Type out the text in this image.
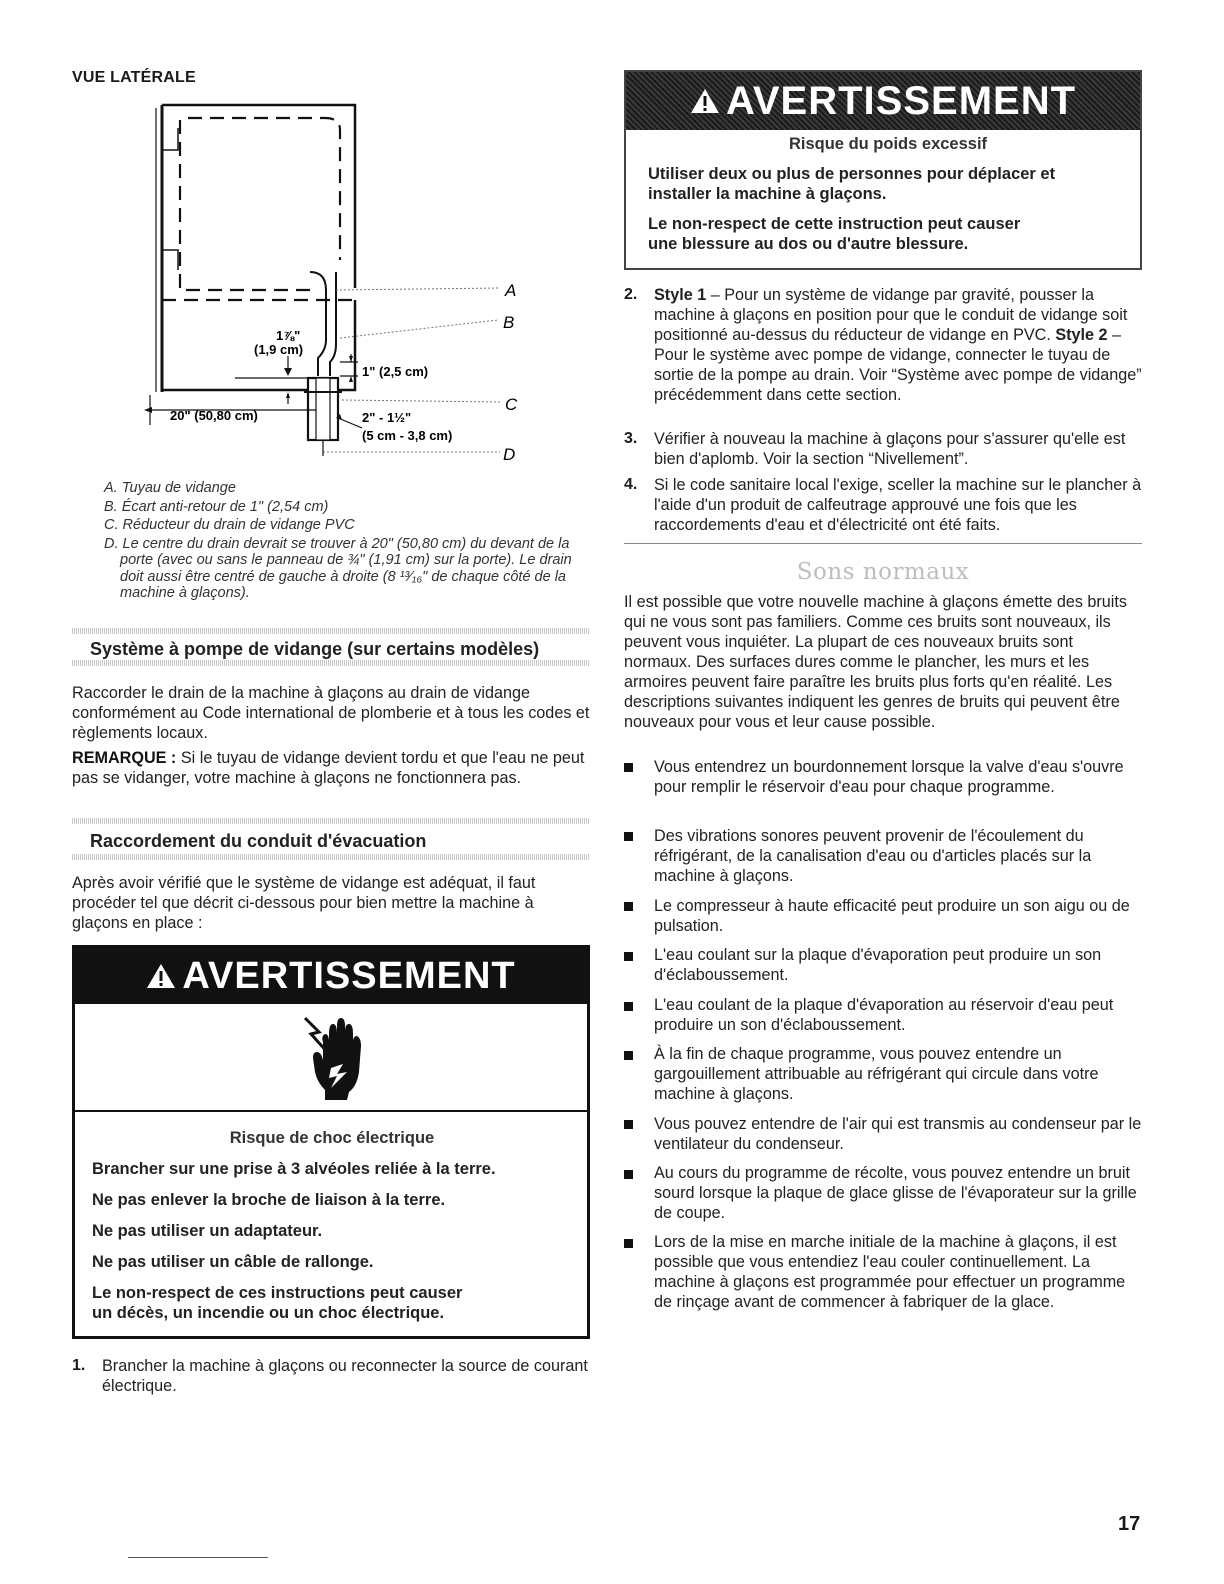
VUE LATÉRALE
A
B
C
D
1⅞"
(1,9 cm)
1" (2,5 cm)
20" (50,80 cm)	2" - 1½"
(5 cm - 3,8 cm)
A. Tuyau de vidange
B. Écart anti-retour de 1" (2,54 cm)
C. Réducteur du drain de vidange PVC
D. Le centre du drain devrait se trouver à 20" (50,80 cm) du devant de la porte (avec ou sans le panneau de ¾" (1,91 cm) sur la porte). Le drain doit aussi être centré de gauche à droite (8 ¹³⁄₁₆" de chaque côté de la machine à glaçons).
Système à pompe de vidange (sur certains modèles)
Raccorder le drain de la machine à glaçons au drain de vidange conformément au Code international de plomberie et à tous les codes et règlements locaux.
REMARQUE : Si le tuyau de vidange devient tordu et que l'eau ne peut pas se vidanger, votre machine à glaçons ne fonctionnera pas.
Raccordement du conduit d'évacuation
Après avoir vérifié que le système de vidange est adéquat, il faut procéder tel que décrit ci-dessous pour bien mettre la machine à glaçons en place :
AVERTISSEMENT
Risque de choc électrique
Brancher sur une prise à 3 alvéoles reliée à la terre.
Ne pas enlever la broche de liaison à la terre.
Ne pas utiliser un adaptateur.
Ne pas utiliser un câble de rallonge.
Le non-respect de ces instructions peut causer
un décès, un incendie ou un choc électrique.
1. Brancher la machine à glaçons ou reconnecter la source de courant électrique.
AVERTISSEMENT
Risque du poids excessif
Utiliser deux ou plus de personnes pour déplacer et
installer la machine à glaçons.
Le non-respect de cette instruction peut causer
une blessure au dos ou d'autre blessure.
2. Style 1 – Pour un système de vidange par gravité, pousser la machine à glaçons en position pour que le conduit de vidange soit positionné au-dessus du réducteur de vidange en PVC. Style 2 – Pour le système avec pompe de vidange, connecter le tuyau de sortie de la pompe au drain. Voir “Système avec pompe de vidange” précédemment dans cette section.
3. Vérifier à nouveau la machine à glaçons pour s'assurer qu'elle est bien d'aplomb. Voir la section “Nivellement”.
4. Si le code sanitaire local l'exige, sceller la machine sur le plancher à l'aide d'un produit de calfeutrage approuvé une fois que les raccordements d'eau et d'électricité ont été faits.
Sons normaux
Il est possible que votre nouvelle machine à glaçons émette des bruits qui ne vous sont pas familiers. Comme ces bruits sont nouveaux, ils peuvent vous inquiéter. La plupart de ces nouveaux bruits sont normaux. Des surfaces dures comme le plancher, les murs et les armoires peuvent faire paraître les bruits plus forts qu'en réalité. Les descriptions suivantes indiquent les genres de bruits qui peuvent être nouveaux pour vous et leur cause possible.
Vous entendrez un bourdonnement lorsque la valve d'eau s'ouvre pour remplir le réservoir d'eau pour chaque programme.
Des vibrations sonores peuvent provenir de l'écoulement du réfrigérant, de la canalisation d'eau ou d'articles placés sur la machine à glaçons.
Le compresseur à haute efficacité peut produire un son aigu ou de pulsation.
L'eau coulant sur la plaque d'évaporation peut produire un son d'éclaboussement.
L'eau coulant de la plaque d'évaporation au réservoir d'eau peut produire un son d'éclaboussement.
À la fin de chaque programme, vous pouvez entendre un gargouillement attribuable au réfrigérant qui circule dans votre machine à glaçons.
Vous pouvez entendre de l'air qui est transmis au condenseur par le ventilateur du condenseur.
Au cours du programme de récolte, vous pouvez entendre un bruit sourd lorsque la plaque de glace glisse de l'évaporateur sur la grille de coupe.
Lors de la mise en marche initiale de la machine à glaçons, il est possible que vous entendiez l'eau couler continuellement. La machine à glaçons est programmée pour effectuer un programme de rinçage avant de commencer à fabriquer de la glace.
17
